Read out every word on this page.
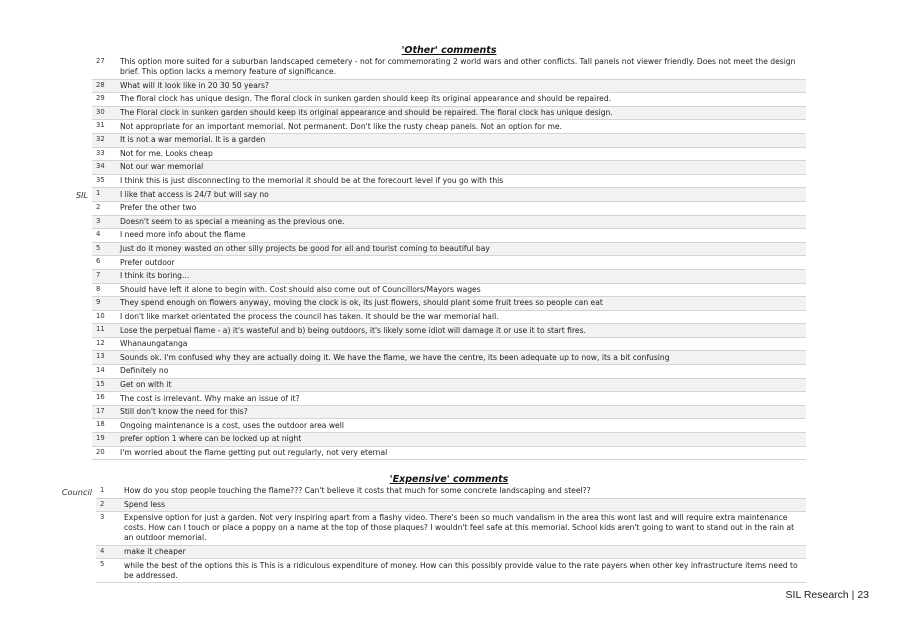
'Other' comments
	27	This option more suited for a suburban landscaped cemetery - not for commemorating 2 world wars and other conflicts. Tall panels not viewer friendly. Does not meet the design brief. This option lacks a memory feature of significance.
	28	What will it look like in 20 30 50 years?
	29	The floral clock has unique design. The floral clock in sunken garden should keep its original appearance and should be repaired.
	30	The Floral clock in sunken garden should keep its original appearance and should be repaired. The floral clock has unique design.
	31	Not appropriate for an important memorial. Not permanent. Don't like the rusty cheap panels. Not an option for me.
	32	It is not a war memorial. It is a garden
	33	Not for me. Looks cheap
	34	Not our war memorial
	35	I think this is just disconnecting to the memorial it should be at the forecourt level if you go with this
SIL	1	I like that access is 24/7 but will say no
	2	Prefer the other two
	3	Doesn't seem to as special a meaning as the previous one.
	4	I need more info about the flame
	5	Just do it money wasted on other silly projects be good for all and tourist coming to beautiful bay
	6	Prefer outdoor
	7	I think its boring...
	8	Should have left it alone to begin with. Cost should also come out of Councillors/Mayors wages
	9	They spend enough on flowers anyway, moving the clock is ok, its just flowers, should plant some fruit trees so people can eat
	10	I don't like market orientated the process the council has taken. It should be the war memorial hall.
	11	Lose the perpetual flame - a) it's wasteful and b) being outdoors, it's likely some idiot will damage it or use it to start fires.
	12	Whanaungatanga
	13	Sounds ok. I'm confused why they are actually doing it. We have the flame, we have the centre, its been adequate up to now, its a bit confusing
	14	Definitely no
	15	Get on with it
	16	The cost is irrelevant. Why make an issue of it?
	17	Still don't know the need for this?
	18	Ongoing maintenance is a cost, uses the outdoor area well
	19	prefer option 1 where can be locked up at night
	20	I'm worried about the flame getting put out regularly, not very eternal
'Expensive' comments
Council	1	How do you stop people touching the flame??? Can't believe it costs that much for some concrete landscaping and steel??
	2	Spend less
	3	Expensive option for just a garden. Not very inspiring apart from a flashy video. There's been so much vandalism in the area this wont last and will require extra maintenance costs. How can I touch or place a poppy on a name at the top of those plaques? I wouldn't feel safe at this memorial. School kids aren't going to want to stand out in the rain at an outdoor memorial.
	4	make it cheaper
	5	while the best of the options this is This is a ridiculous expenditure of money. How can this possibly provide value to the rate payers when other key infrastructure items need to be addressed.
SIL Research | 23
